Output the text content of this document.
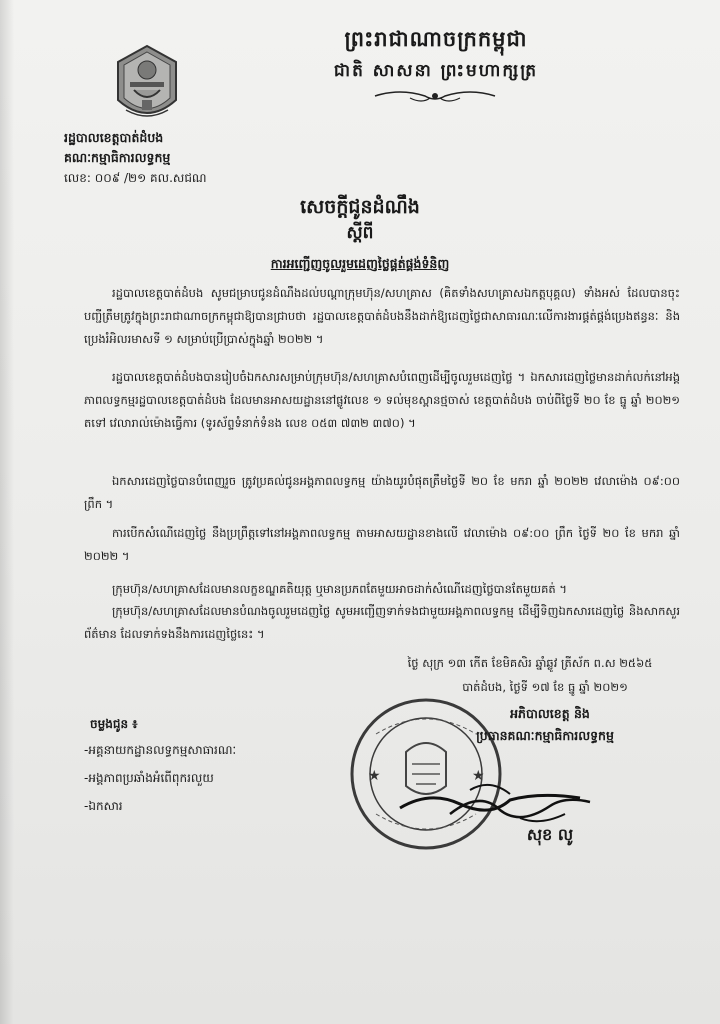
ព្រះរាជាណាចក្រកម្ពុជា
ជាតិ សាសនា ព្រះមហាក្សត្រ
រដ្ឋបាលខេត្តបាត់ដំបង
គណៈកម្មាធិការលទ្ធកម្ម
លេខ: ០០៩ /២១ គល.សជណ
សេចក្តីជូនដំណឹង
ស្តីពី
ការអញ្ជើញចូលរួមដេញថ្លៃផ្គត់ផ្គង់ទំនិញ
រដ្ឋបាលខេត្តបាត់ដំបង សូមជម្រាបជូនដំណឹងដល់បណ្តាក្រុមហ៊ុន/សហគ្រាស (គិតទាំងសហគ្រាសឯកត្តបុគ្គល) ទាំងអស់ ដែលបានចុះបញ្ជីត្រឹមត្រូវក្នុងព្រះរាជាណាចក្រកម្ពុជាឱ្យបានជ្រាបថា រដ្ឋបាលខេត្តបាត់ដំបងនឹងដាក់ឱ្យដេញថ្លៃជាសាធារណៈលើការងារផ្គត់ផ្គង់ប្រេងឥន្ធនៈ និងប្រេងរំអិលរមាសទី ១ សម្រាប់ប្រើប្រាស់ក្នុងឆ្នាំ ២០២២ ។
រដ្ឋបាលខេត្តបាត់ដំបងបានរៀបចំឯកសារសម្រាប់ក្រុមហ៊ុន/សហគ្រាសបំពេញដើម្បីចូលរួមដេញថ្លៃ ។ ឯកសារដេញថ្លៃមានដាក់លក់នៅអង្គភាពលទ្ធកម្មរដ្ឋបាលខេត្តបាត់ដំបង ដែលមានអាសយដ្ឋាននៅផ្លូវលេខ ១ ទល់មុខស្ពានថ្មចាស់ ខេត្តបាត់ដំបង ចាប់ពីថ្ងៃទី ២០ ខែ ធ្នូ ឆ្នាំ ២០២១ តទៅ វេលារាល់ម៉ោងធ្វើការ (ទូរស័ព្ទទំនាក់ទំនង លេខ ០៥៣ ៧៣២ ៣៧០) ។
ឯកសារដេញថ្លៃបានបំពេញរួច ត្រូវប្រគល់ជូនអង្គភាពលទ្ធកម្ម យ៉ាងយូរបំផុតត្រឹមថ្ងៃទី ២០ ខែ មករា ឆ្នាំ ២០២២ វេលាម៉ោង ០៩:០០ ព្រឹក ។
ការបើកសំណើដេញថ្លៃ នឹងប្រព្រឹត្តទៅនៅអង្គភាពលទ្ធកម្ម តាមអាសយដ្ឋានខាងលើ វេលាម៉ោង ០៩:០០ ព្រឹក ថ្ងៃទី ២០ ខែ មករា ឆ្នាំ ២០២២ ។
ក្រុមហ៊ុន/សហគ្រាសដែលមានលក្ខខណ្ឌគតិយុត្ត ឬមានប្រភពតែមួយអាចដាក់សំណើដេញថ្លៃបានតែមួយគត់ ។
ក្រុមហ៊ុន/សហគ្រាសដែលមានបំណងចូលរួមដេញថ្លៃ សូមអញ្ជើញទាក់ទងជាមួយអង្គភាពលទ្ធកម្ម ដើម្បីទិញឯកសារដេញថ្លៃ និងសាកសួរព័ត៌មាន ដែលទាក់ទងនឹងការដេញថ្លៃនេះ ។
ថ្ងៃ សុក្រ ១៣ កើត ខែមិគសិរ ឆ្នាំឆ្លូវ ត្រីស័ក ព.ស ២៥៦៥
បាត់ដំបង, ថ្ងៃទី ១៧ ខែ ធ្នូ ឆ្នាំ ២០២១
★	★
អភិបាលខេត្ត និង
ប្រធានគណៈកម្មាធិការលទ្ធកម្ម
សុខ លូ
ចម្លងជូន ៖
-អគ្គនាយកដ្ឋានលទ្ធកម្មសាធារណៈ
-អង្គភាពប្រឆាំងអំពើពុករលួយ
-ឯកសារ
